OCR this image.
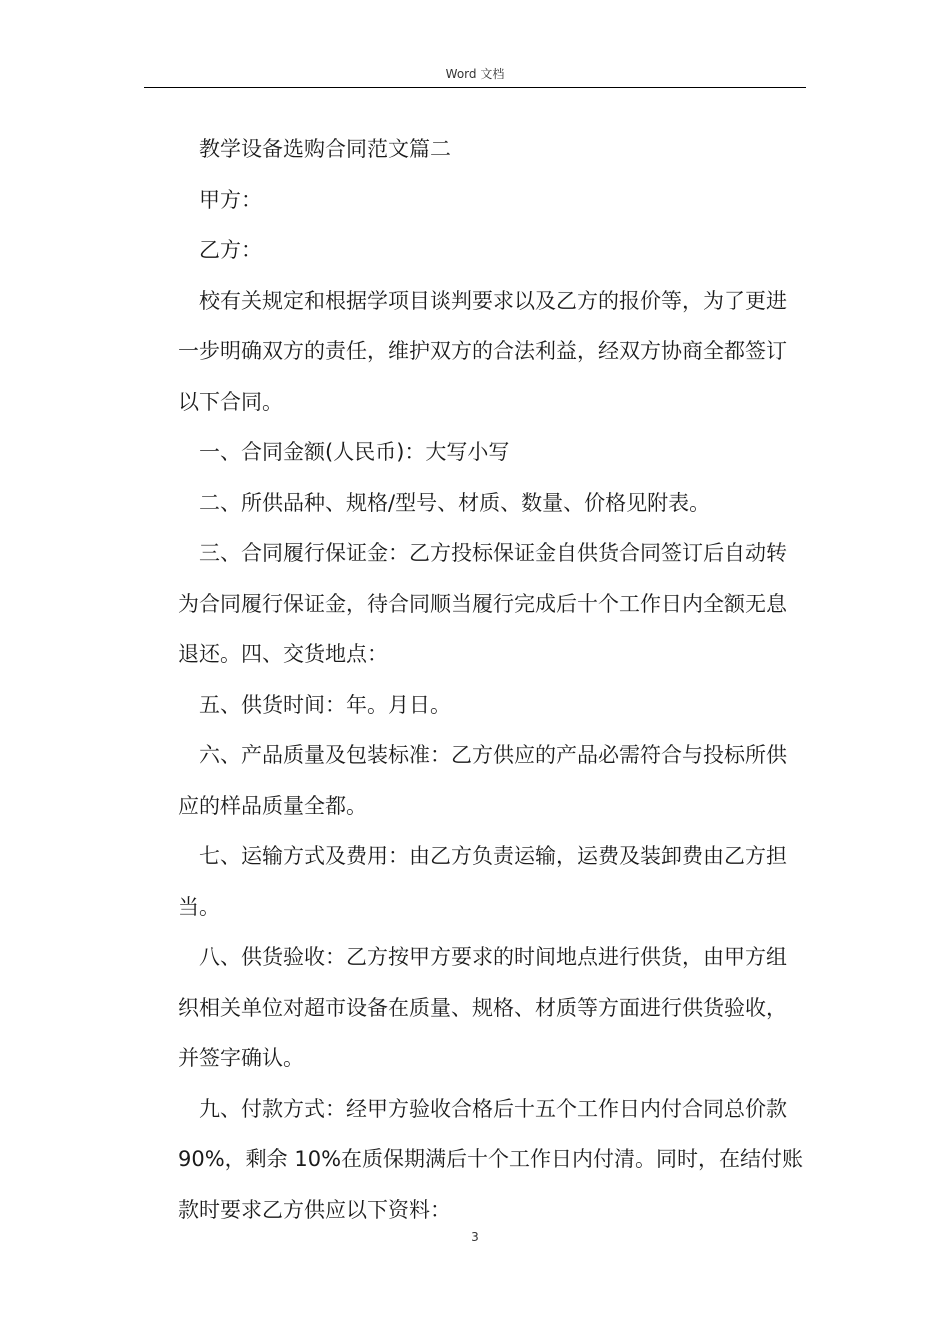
Word 文档

教学设备选购合同范文篇二

甲方：

乙方：

校有关规定和根据学项目谈判要求以及乙方的报价等，为了更进一步明确双方的责任，维护双方的合法利益，经双方协商全都签订以下合同。

一、合同金额(人民币)：大写小写

二、所供品种、规格/型号、材质、数量、价格见附表。

三、合同履行保证金：乙方投标保证金自供货合同签订后自动转为合同履行保证金，待合同顺当履行完成后十个工作日内全额无息退还。四、交货地点：

五、供货时间：年。月日。

六、产品质量及包装标准：乙方供应的产品必需符合与投标所供应的样品质量全都。

七、运输方式及费用：由乙方负责运输，运费及装卸费由乙方担当。

八、供货验收：乙方按甲方要求的时间地点进行供货，由甲方组织相关单位对超市设备在质量、规格、材质等方面进行供货验收，并签字确认。

九、付款方式：经甲方验收合格后十五个工作日内付合同总价款 90%，剩余 10%在质保期满后十个工作日内付清。同时，在结付账款时要求乙方供应以下资料：

3
